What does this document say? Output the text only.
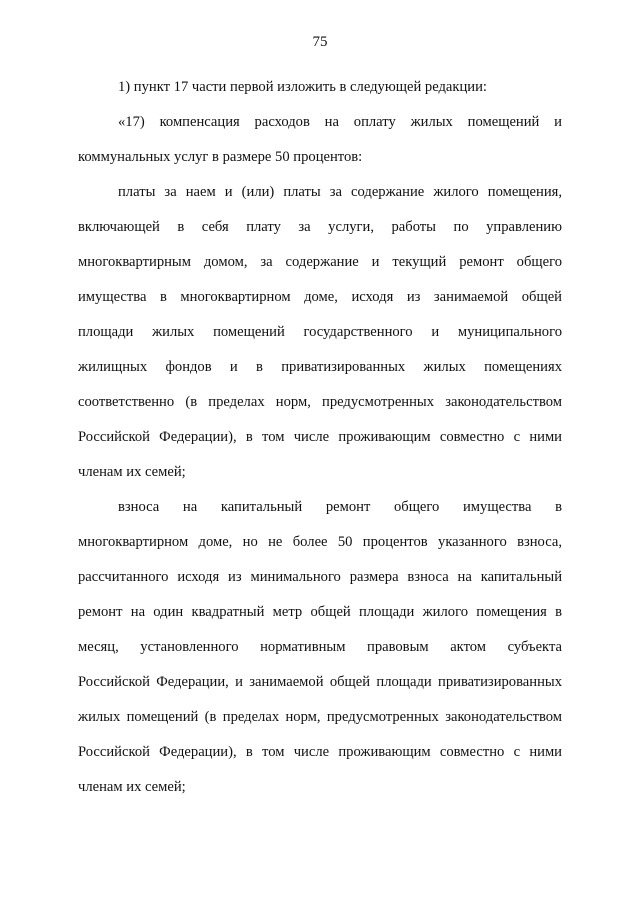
75
1) пункт 17 части первой изложить в следующей редакции:
«17) компенсация расходов на оплату жилых помещений и
коммунальных услуг в размере 50 процентов:
платы за наем и (или) платы за содержание жилого помещения,
включающей в себя плату за услуги, работы по управлению
многоквартирным домом, за содержание и текущий ремонт общего
имущества в многоквартирном доме, исходя из занимаемой общей
площади жилых помещений государственного и муниципального
жилищных фондов и в приватизированных жилых помещениях
соответственно (в пределах норм, предусмотренных законодательством
Российской Федерации), в том числе проживающим совместно с ними
членам их семей;
взноса на капитальный ремонт общего имущества в
многоквартирном доме, но не более 50 процентов указанного взноса,
рассчитанного исходя из минимального размера взноса на капитальный
ремонт на один квадратный метр общей площади жилого помещения в
месяц, установленного нормативным правовым актом субъекта
Российской Федерации, и занимаемой общей площади приватизированных
жилых помещений (в пределах норм, предусмотренных законодательством
Российской Федерации), в том числе проживающим совместно с ними
членам их семей;
